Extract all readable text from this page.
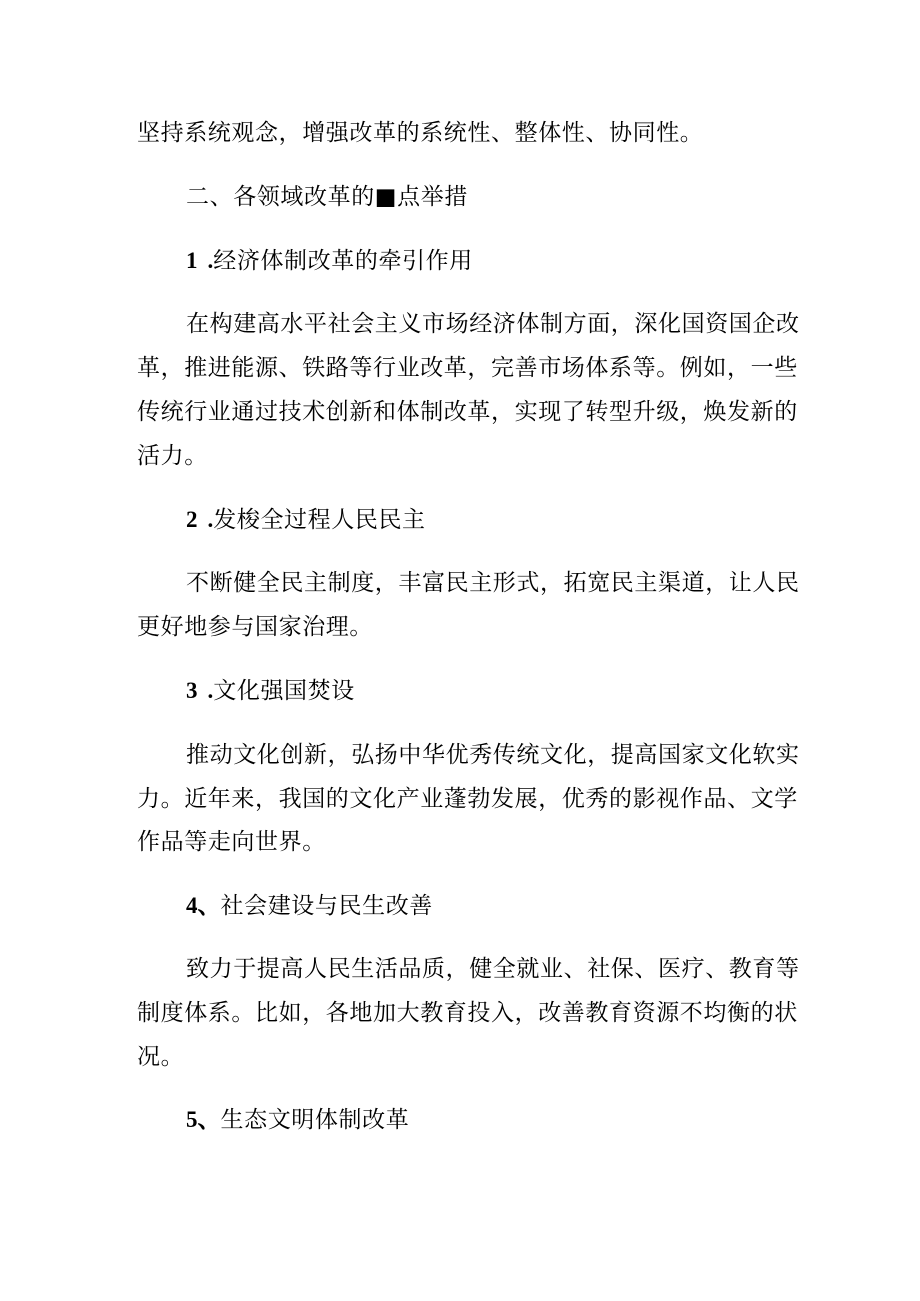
坚持系统观念，增强改革的系统性、整体性、协同性。

二、各领域改革的■点举措

1 .经济体制改革的牵引作用

在构建高水平社会主义市场经济体制方面，深化国资国企改

革，推进能源、铁路等行业改革，完善市场体系等。例如，一些

传统行业通过技术创新和体制改革，实现了转型升级，焕发新的

活力。

2 .发梭全过程人民民主

不断健全民主制度，丰富民主形式，拓宽民主渠道，让人民

更好地参与国家治理。

3 .文化强国焚设

推动文化创新，弘扬中华优秀传统文化，提高国家文化软实

力。近年来，我国的文化产业蓬勃发展，优秀的影视作品、文学

作品等走向世界。

4、社会建设与民生改善

致力于提高人民生活品质，健全就业、社保、医疗、教育等

制度体系。比如，各地加大教育投入，改善教育资源不均衡的状

况。

5、生态文明体制改革
